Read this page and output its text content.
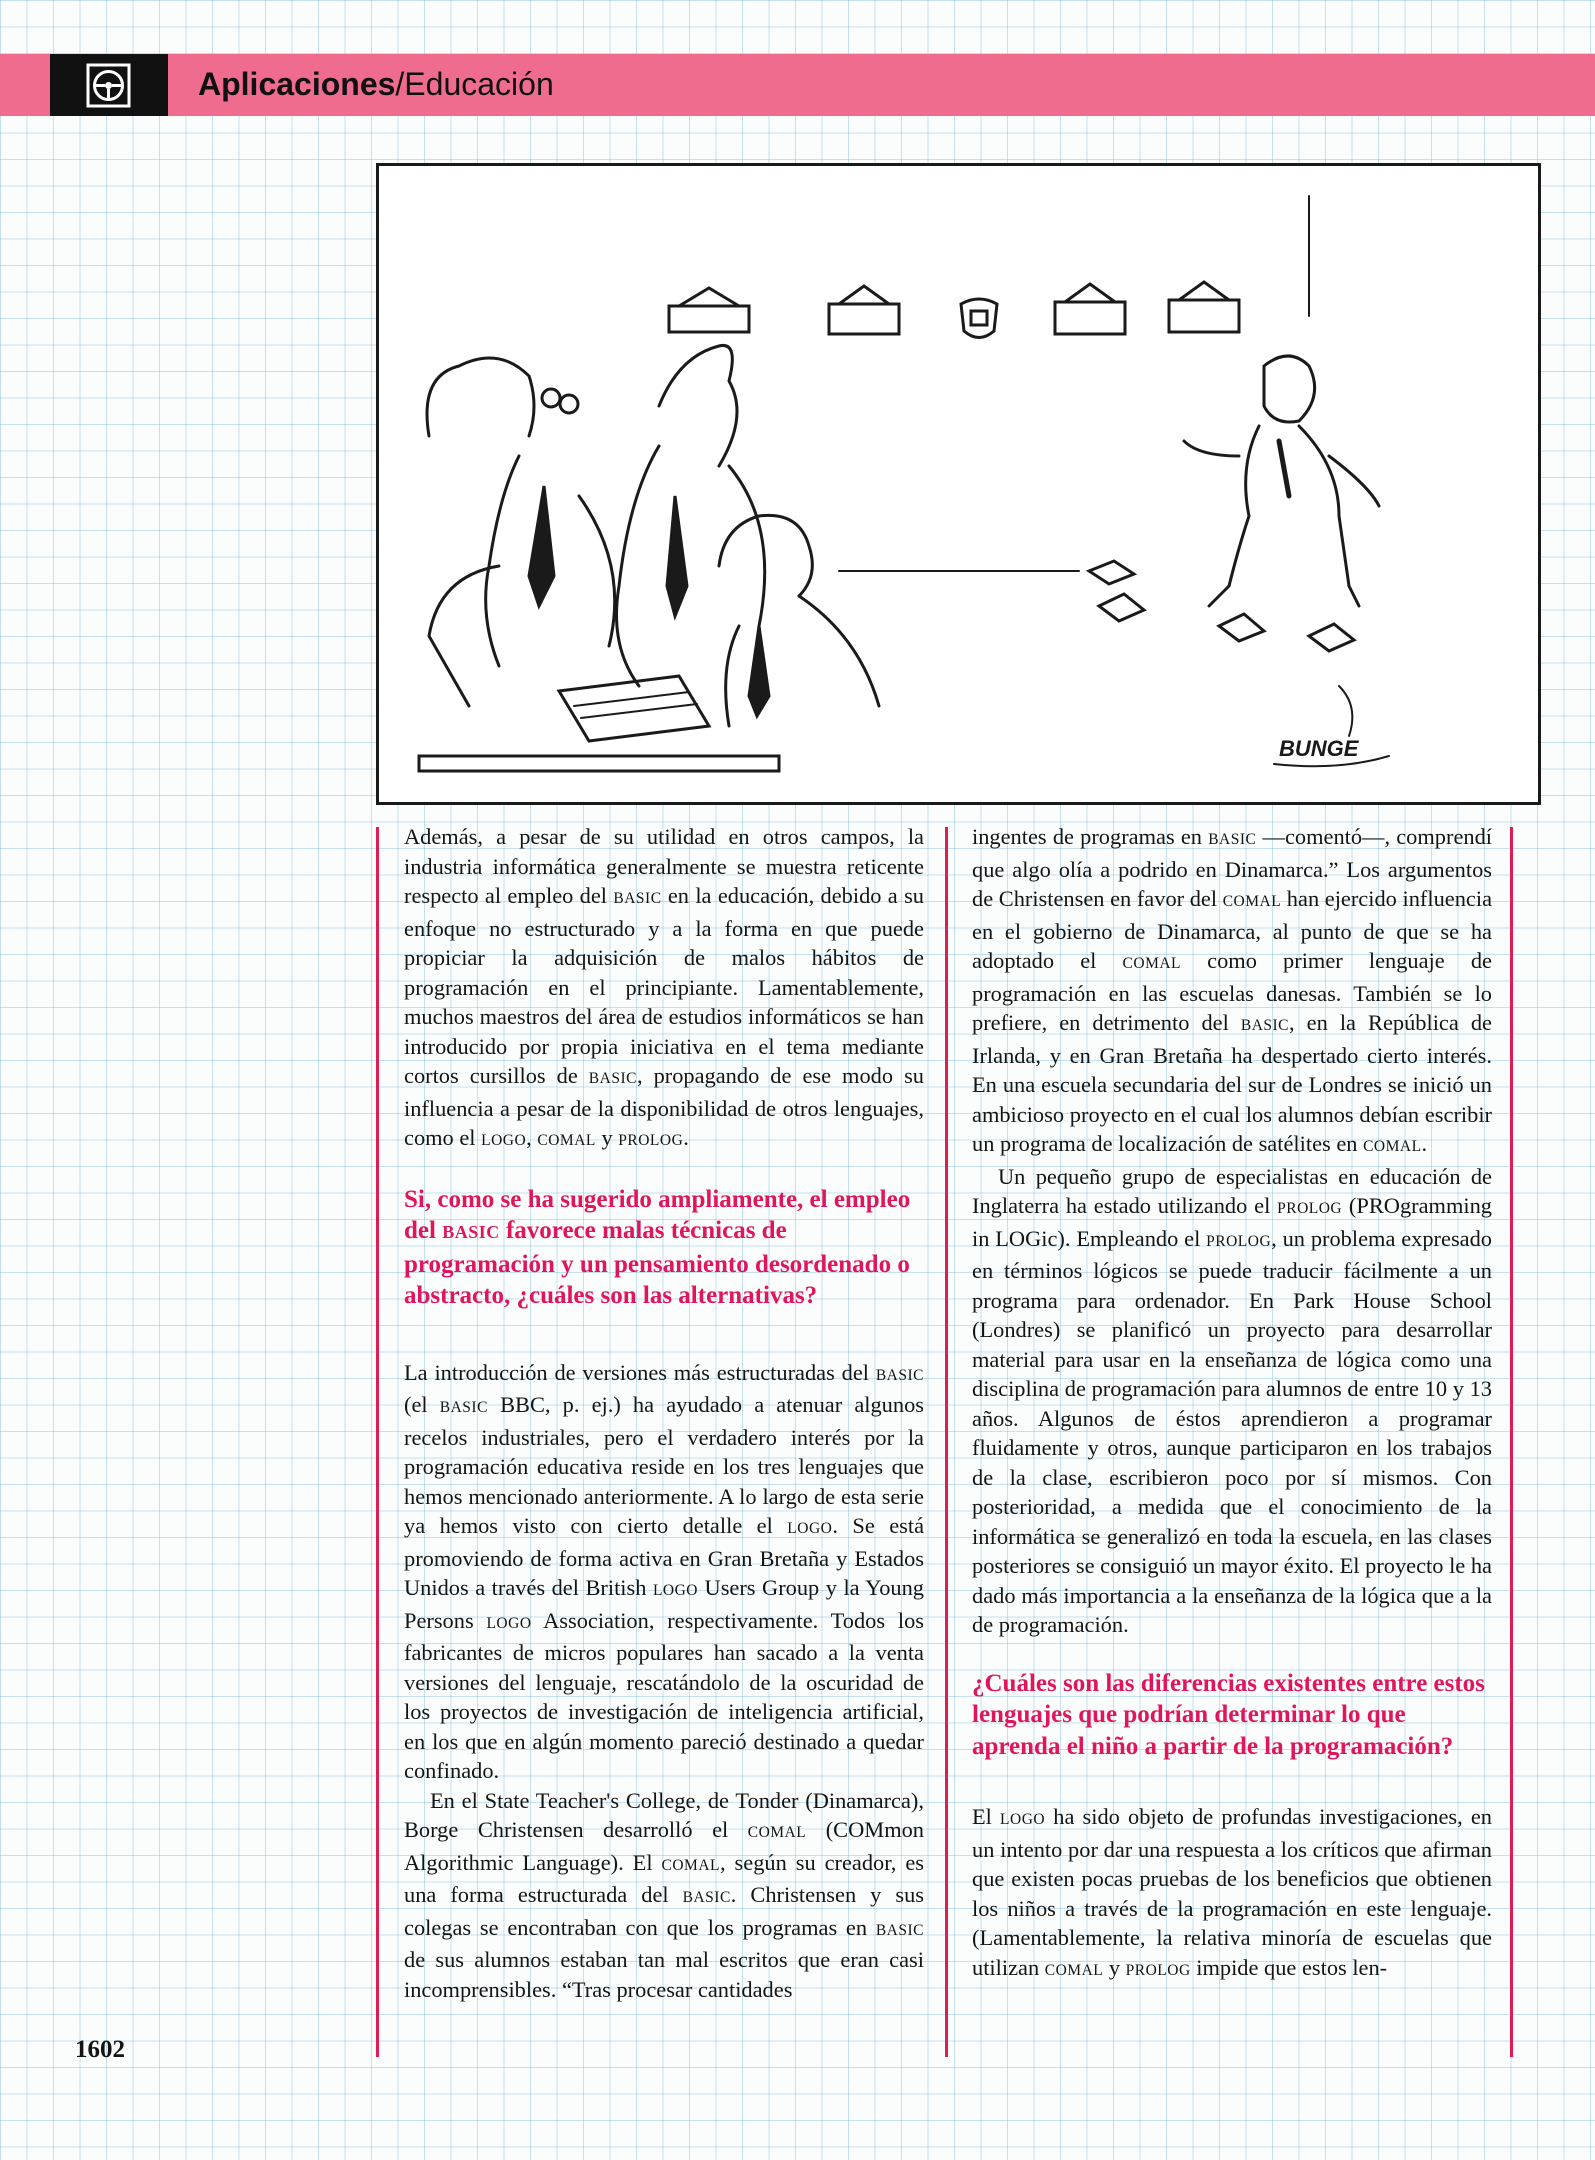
Aplicaciones/Educación
BUNGE

Además, a pesar de su utilidad en otros campos, la industria informática generalmente se muestra reticente respecto al empleo del BASIC en la educación, debido a su enfoque no estructurado y a la forma en que puede propiciar la adquisición de malos hábitos de programación en el principiante. Lamentablemente, muchos maestros del área de estudios informáticos se han introducido por propia iniciativa en el tema mediante cortos cursillos de BASIC, propagando de ese modo su influencia a pesar de la disponibilidad de otros lenguajes, como el LOGO, COMAL y PROLOG.

Si, como se ha sugerido ampliamente, el empleo del BASIC favorece malas técnicas de programación y un pensamiento desordenado o abstracto, ¿cuáles son las alternativas?

La introducción de versiones más estructuradas del BASIC (el BASIC BBC, p. ej.) ha ayudado a atenuar algunos recelos industriales, pero el verdadero interés por la programación educativa reside en los tres lenguajes que hemos mencionado anteriormente. A lo largo de esta serie ya hemos visto con cierto detalle el LOGO. Se está promoviendo de forma activa en Gran Bretaña y Estados Unidos a través del British LOGO Users Group y la Young Persons LOGO Association, respectivamente. Todos los fabricantes de micros populares han sacado a la venta versiones del lenguaje, rescatándolo de la oscuridad de los proyectos de investigación de inteligencia artificial, en los que en algún momento pareció destinado a quedar confinado.

En el State Teacher's College, de Tonder (Dinamarca), Borge Christensen desarrolló el COMAL (COMmon Algorithmic Language). El COMAL, según su creador, es una forma estructurada del BASIC. Christensen y sus colegas se encontraban con que los programas en BASIC de sus alumnos estaban tan mal escritos que eran casi incomprensibles. “Tras procesar cantidades

ingentes de programas en BASIC —comentó—, comprendí que algo olía a podrido en Dinamarca.” Los argumentos de Christensen en favor del COMAL han ejercido influencia en el gobierno de Dinamarca, al punto de que se ha adoptado el COMAL como primer lenguaje de programación en las escuelas danesas. También se lo prefiere, en detrimento del BASIC, en la República de Irlanda, y en Gran Bretaña ha despertado cierto interés. En una escuela secundaria del sur de Londres se inició un ambicioso proyecto en el cual los alumnos debían escribir un programa de localización de satélites en COMAL.

Un pequeño grupo de especialistas en educación de Inglaterra ha estado utilizando el PROLOG (PROgramming in LOGic). Empleando el PROLOG, un problema expresado en términos lógicos se puede traducir fácilmente a un programa para ordenador. En Park House School (Londres) se planificó un proyecto para desarrollar material para usar en la enseñanza de lógica como una disciplina de programación para alumnos de entre 10 y 13 años. Algunos de éstos aprendieron a programar fluidamente y otros, aunque participaron en los trabajos de la clase, escribieron poco por sí mismos. Con posterioridad, a medida que el conocimiento de la informática se generalizó en toda la escuela, en las clases posteriores se consiguió un mayor éxito. El proyecto le ha dado más importancia a la enseñanza de la lógica que a la de programación.

¿Cuáles son las diferencias existentes entre estos lenguajes que podrían determinar lo que aprenda el niño a partir de la programación?

El LOGO ha sido objeto de profundas investigaciones, en un intento por dar una respuesta a los críticos que afirman que existen pocas pruebas de los beneficios que obtienen los niños a través de la programación en este lenguaje. (Lamentablemente, la relativa minoría de escuelas que utilizan COMAL y PROLOG impide que estos len-

1602
